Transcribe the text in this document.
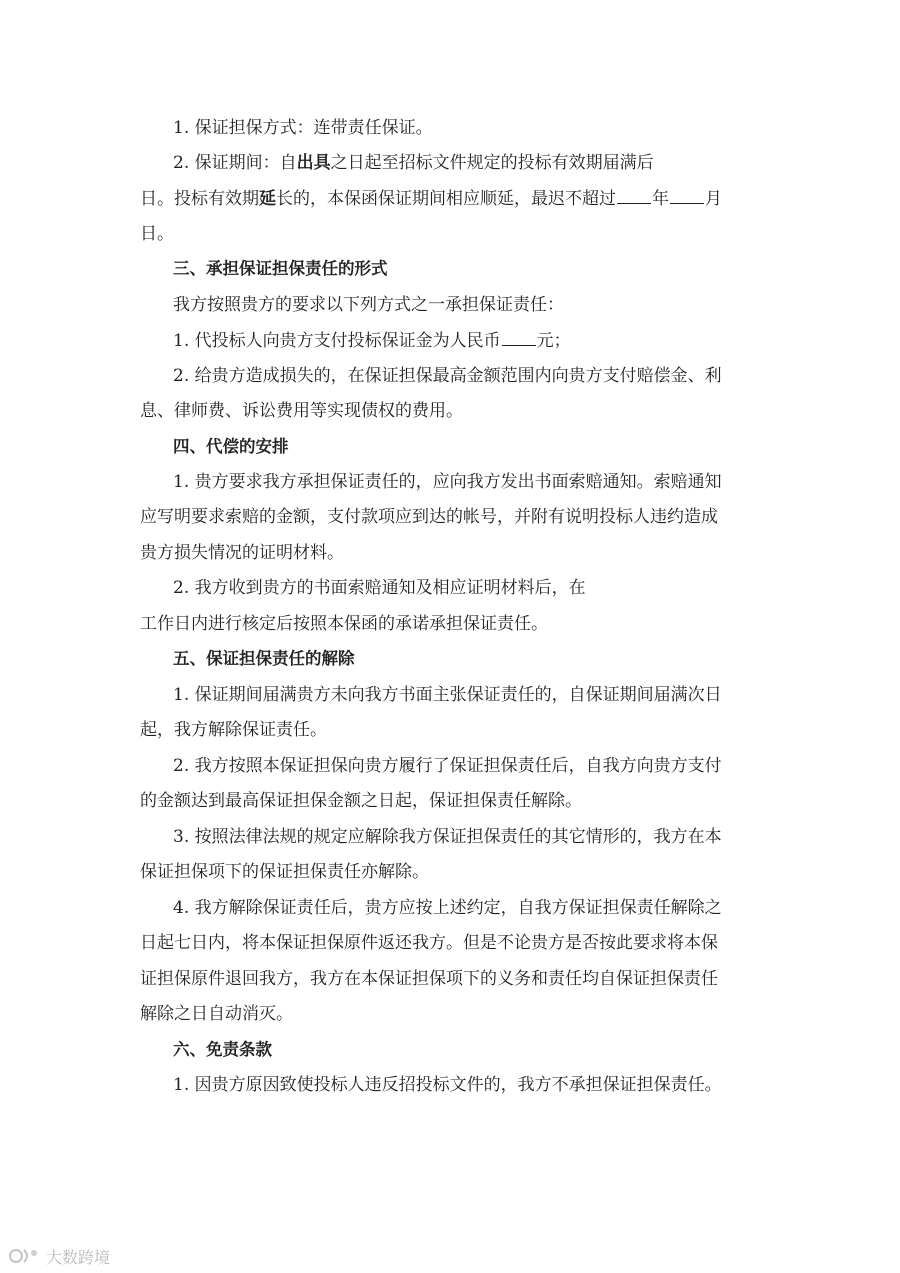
1. 保证担保方式：连带责任保证。
2. 保证期间：自出具之日起至招标文件规定的投标有效期届满后
日。投标有效期延长的，本保函保证期间相应顺延，最迟不超过 年 月
日。
三、承担保证担保责任的形式
我方按照贵方的要求以下列方式之一承担保证责任：
1. 代投标人向贵方支付投标保证金为人民币 元；
2. 给贵方造成损失的，在保证担保最高金额范围内向贵方支付赔偿金、利
息、律师费、诉讼费用等实现债权的费用。
四、代偿的安排
1. 贵方要求我方承担保证责任的，应向我方发出书面索赔通知。索赔通知
应写明要求索赔的金额，支付款项应到达的帐号，并附有说明投标人违约造成
贵方损失情况的证明材料。
2. 我方收到贵方的书面索赔通知及相应证明材料后，在
工作日内进行核定后按照本保函的承诺承担保证责任。
五、保证担保责任的解除
1. 保证期间届满贵方未向我方书面主张保证责任的，自保证期间届满次日
起，我方解除保证责任。
2. 我方按照本保证担保向贵方履行了保证担保责任后，自我方向贵方支付
的金额达到最高保证担保金额之日起，保证担保责任解除。
3. 按照法律法规的规定应解除我方保证担保责任的其它情形的，我方在本
保证担保项下的保证担保责任亦解除。
4. 我方解除保证责任后，贵方应按上述约定，自我方保证担保责任解除之
日起七日内，将本保证担保原件返还我方。但是不论贵方是否按此要求将本保
证担保原件退回我方，我方在本保证担保项下的义务和责任均自保证担保责任
解除之日自动消灭。
六、免责条款
1. 因贵方原因致使投标人违反招投标文件的，我方不承担保证担保责任。
大数跨境
